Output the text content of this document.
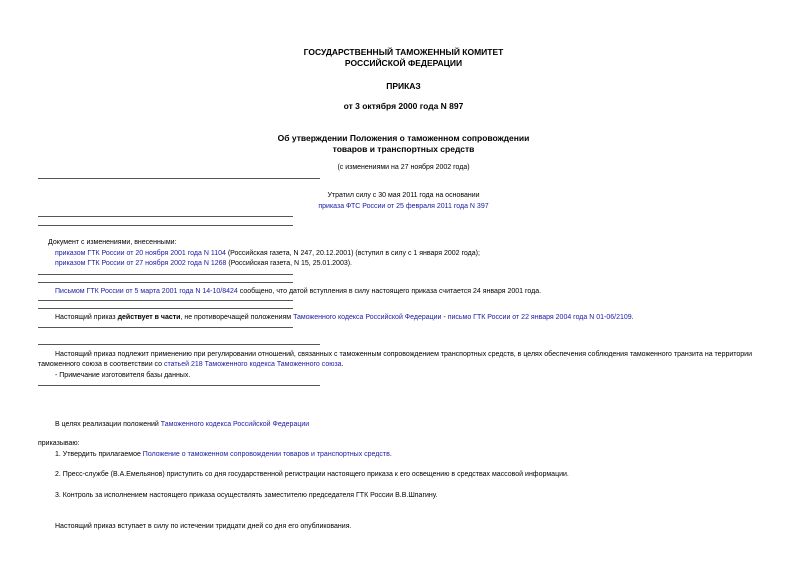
ГОСУДАРСТВЕННЫЙ ТАМОЖЕННЫЙ КОМИТЕТ
РОССИЙСКОЙ ФЕДЕРАЦИИ
ПРИКАЗ
от 3 октября 2000 года N 897
Об утверждении Положения о таможенном сопровождении
товаров и транспортных средств
(с изменениями на 27 ноября 2002 года)
Утратил силу с 30 мая 2011 года на основании
приказа ФТС России от 25 февраля 2011 года N 397
Документ с изменениями, внесенными:
приказом ГТК России от 20 ноября 2001 года N 1104 (Российская газета, N 247, 20.12.2001) (вступил в силу с 1 января 2002 года);
приказом ГТК России от 27 ноября 2002 года N 1268 (Российская газета, N 15, 25.01.2003).
Письмом ГТК России от 5 марта 2001 года N 14-10/8424 сообщено, что датой вступления в силу настоящего приказа считается 24 января 2001 года.
Настоящий приказ действует в части, не противоречащей положениям Таможенного кодекса Российской Федерации - письмо ГТК России от 22 января 2004 года N 01-06/2109.
Настоящий приказ подлежит применению при регулировании отношений, связанных с таможенным сопровождением транспортных средств, в целях обеспечения соблюдения таможенного транзита на территории
таможенного союза в соответствии со статьей 218 Таможенного кодекса Таможенного союза.
- Примечание изготовителя базы данных.
В целях реализации положений Таможенного кодекса Российской Федерации
приказываю:
1. Утвердить прилагаемое Положение о таможенном сопровождении товаров и транспортных средств.
2. Пресс-службе (В.А.Емельянов) приступить со дня государственной регистрации настоящего приказа к его освещению в средствах массовой информации.
3. Контроль за исполнением настоящего приказа осуществлять заместителю председателя ГТК России В.В.Шпагину.
Настоящий приказ вступает в силу по истечении тридцати дней со дня его опубликования.
